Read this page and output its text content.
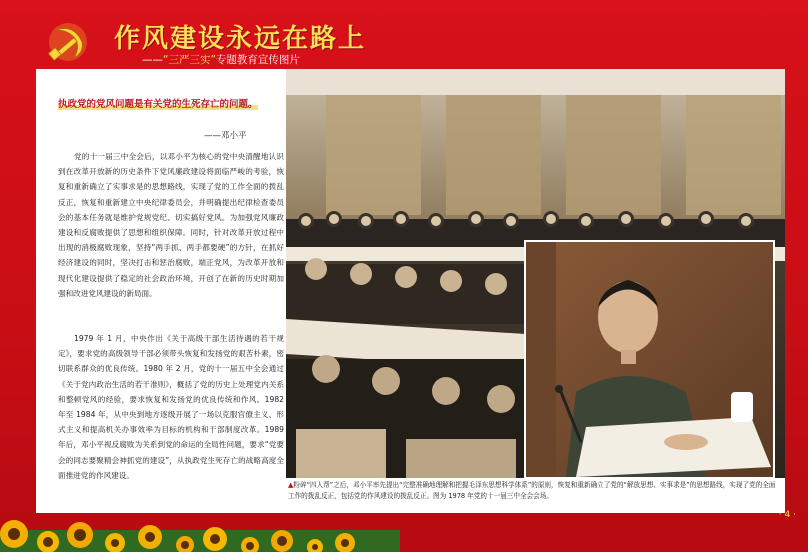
作风建设永远在路上
——“三严三实”专题教育宣传图片
执政党的党风问题是有关党的生死存亡的问题。
——邓小平

党的十一届三中全会后，以邓小平为核心的党中央清醒地认识到在改革开放新的历史条件下党风廉政建设将面临严峻的考验，恢复和重新确立了实事求是的思想路线，实现了党的工作全面的拨乱反正，恢复和重新建立中央纪律委员会，并明确提出纪律检查委员会的基本任务就是维护党规党纪、切实搞好党风。为加强党风廉政建设和反腐败提供了思想和组织保障。同时，针对改革开放过程中出现的消极腐败现象，坚持“两手抓、两手都要硬”的方针，在抓好经济建设的同时，坚决打击和惩治腐败，端正党风，为改革开放和现代化建设提供了稳定的社会政治环境，开创了在新的历史时期加强和改进党风建设的新局面。

1979 年 1 月，中央作出《关于高级干部生活待遇的若干规定》，要求党的高级领导干部必须带头恢复和发扬党的艰苦朴素，密切联系群众的优良传统。1980 年 2 月，党的十一届五中全会通过《关于党内政治生活的若干准则》，概括了党的历史上处理党内关系和整顿党风的经验，要求恢复和发扬党的优良传统和作风。1982 年至 1984 年，从中央到地方逐级开展了一场以克服官僚主义、形式主义和提高机关办事效率为目标的机构和干部制度改革。1989 年后，邓小平视反腐败为关系到党的命运的全局性问题，要求“党要会的同志要聚精会神抓党的建设”，从执政党生死存亡的战略高度全面推进党的作风建设。

▲粉碎“四人帮”之后，邓小平率先提出“完整准确地理解和把握毛泽东思想科学体系”的原则，恢复和重新确立了党的“解放思想、实事求是”的思想路线，实现了党的全面工作的拨乱反正，包括党的作风建设的拨乱反正。图为 1978 年党的十一届三中全会会场。
· 4 ·
